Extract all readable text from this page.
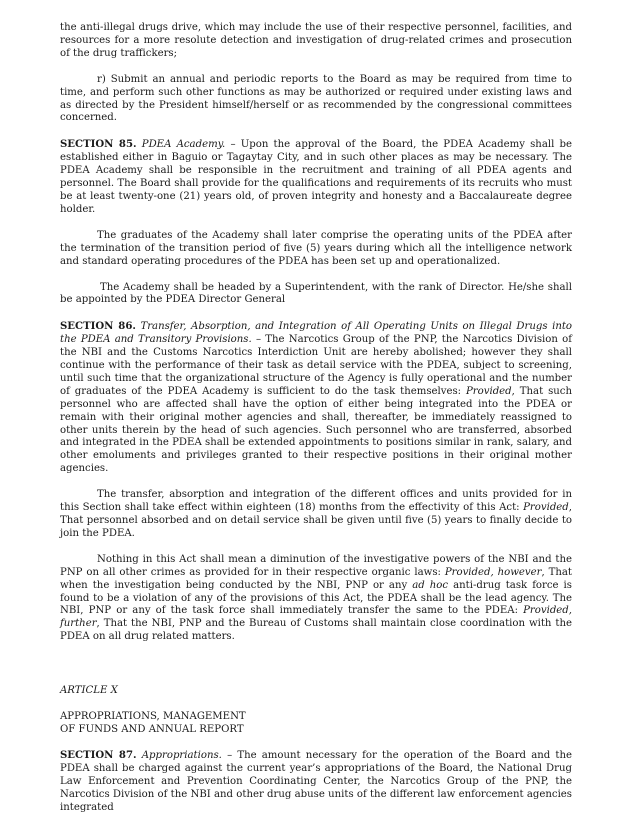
the anti-illegal drugs drive, which may include the use of their respective personnel, facilities, and resources for a more resolute detection and investigation of drug-related crimes and prosecution of the drug traffickers;

r) Submit an annual and periodic reports to the Board as may be required from time to time, and perform such other functions as may be authorized or required under existing laws and as directed by the President himself/herself or as recommended by the congressional committees concerned.

SECTION 85. PDEA Academy. – Upon the approval of the Board, the PDEA Academy shall be established either in Baguio or Tagaytay City, and in such other places as may be necessary. The PDEA Academy shall be responsible in the recruitment and training of all PDEA agents and personnel. The Board shall provide for the qualifications and requirements of its recruits who must be at least twenty-one (21) years old, of proven integrity and honesty and a Baccalaureate degree holder.

The graduates of the Academy shall later comprise the operating units of the PDEA after the termination of the transition period of five (5) years during which all the intelligence network and standard operating procedures of the PDEA has been set up and operationalized.

The Academy shall be headed by a Superintendent, with the rank of Director. He/she shall be appointed by the PDEA Director General

SECTION 86. Transfer, Absorption, and Integration of All Operating Units on Illegal Drugs into the PDEA and Transitory Provisions. – The Narcotics Group of the PNP, the Narcotics Division of the NBI and the Customs Narcotics Interdiction Unit are hereby abolished; however they shall continue with the performance of their task as detail service with the PDEA, subject to screening, until such time that the organizational structure of the Agency is fully operational and the number of graduates of the PDEA Academy is sufficient to do the task themselves: Provided, That such personnel who are affected shall have the option of either being integrated into the PDEA or remain with their original mother agencies and shall, thereafter, be immediately reassigned to other units therein by the head of such agencies. Such personnel who are transferred, absorbed and integrated in the PDEA shall be extended appointments to positions similar in rank, salary, and other emoluments and privileges granted to their respective positions in their original mother agencies.

The transfer, absorption and integration of the different offices and units provided for in this Section shall take effect within eighteen (18) months from the effectivity of this Act: Provided, That personnel absorbed and on detail service shall be given until five (5) years to finally decide to join the PDEA.

Nothing in this Act shall mean a diminution of the investigative powers of the NBI and the PNP on all other crimes as provided for in their respective organic laws: Provided, however, That when the investigation being conducted by the NBI, PNP or any ad hoc anti-drug task force is found to be a violation of any of the provisions of this Act, the PDEA shall be the lead agency. The NBI, PNP or any of the task force shall immediately transfer the same to the PDEA: Provided, further, That the NBI, PNP and the Bureau of Customs shall maintain close coordination with the PDEA on all drug related matters.

ARTICLE X

APPROPRIATIONS, MANAGEMENT
OF FUNDS AND ANNUAL REPORT

SECTION 87. Appropriations. – The amount necessary for the operation of the Board and the PDEA shall be charged against the current year’s appropriations of the Board, the National Drug Law Enforcement and Prevention Coordinating Center, the Narcotics Group of the PNP, the Narcotics Division of the NBI and other drug abuse units of the different law enforcement agencies integrated
